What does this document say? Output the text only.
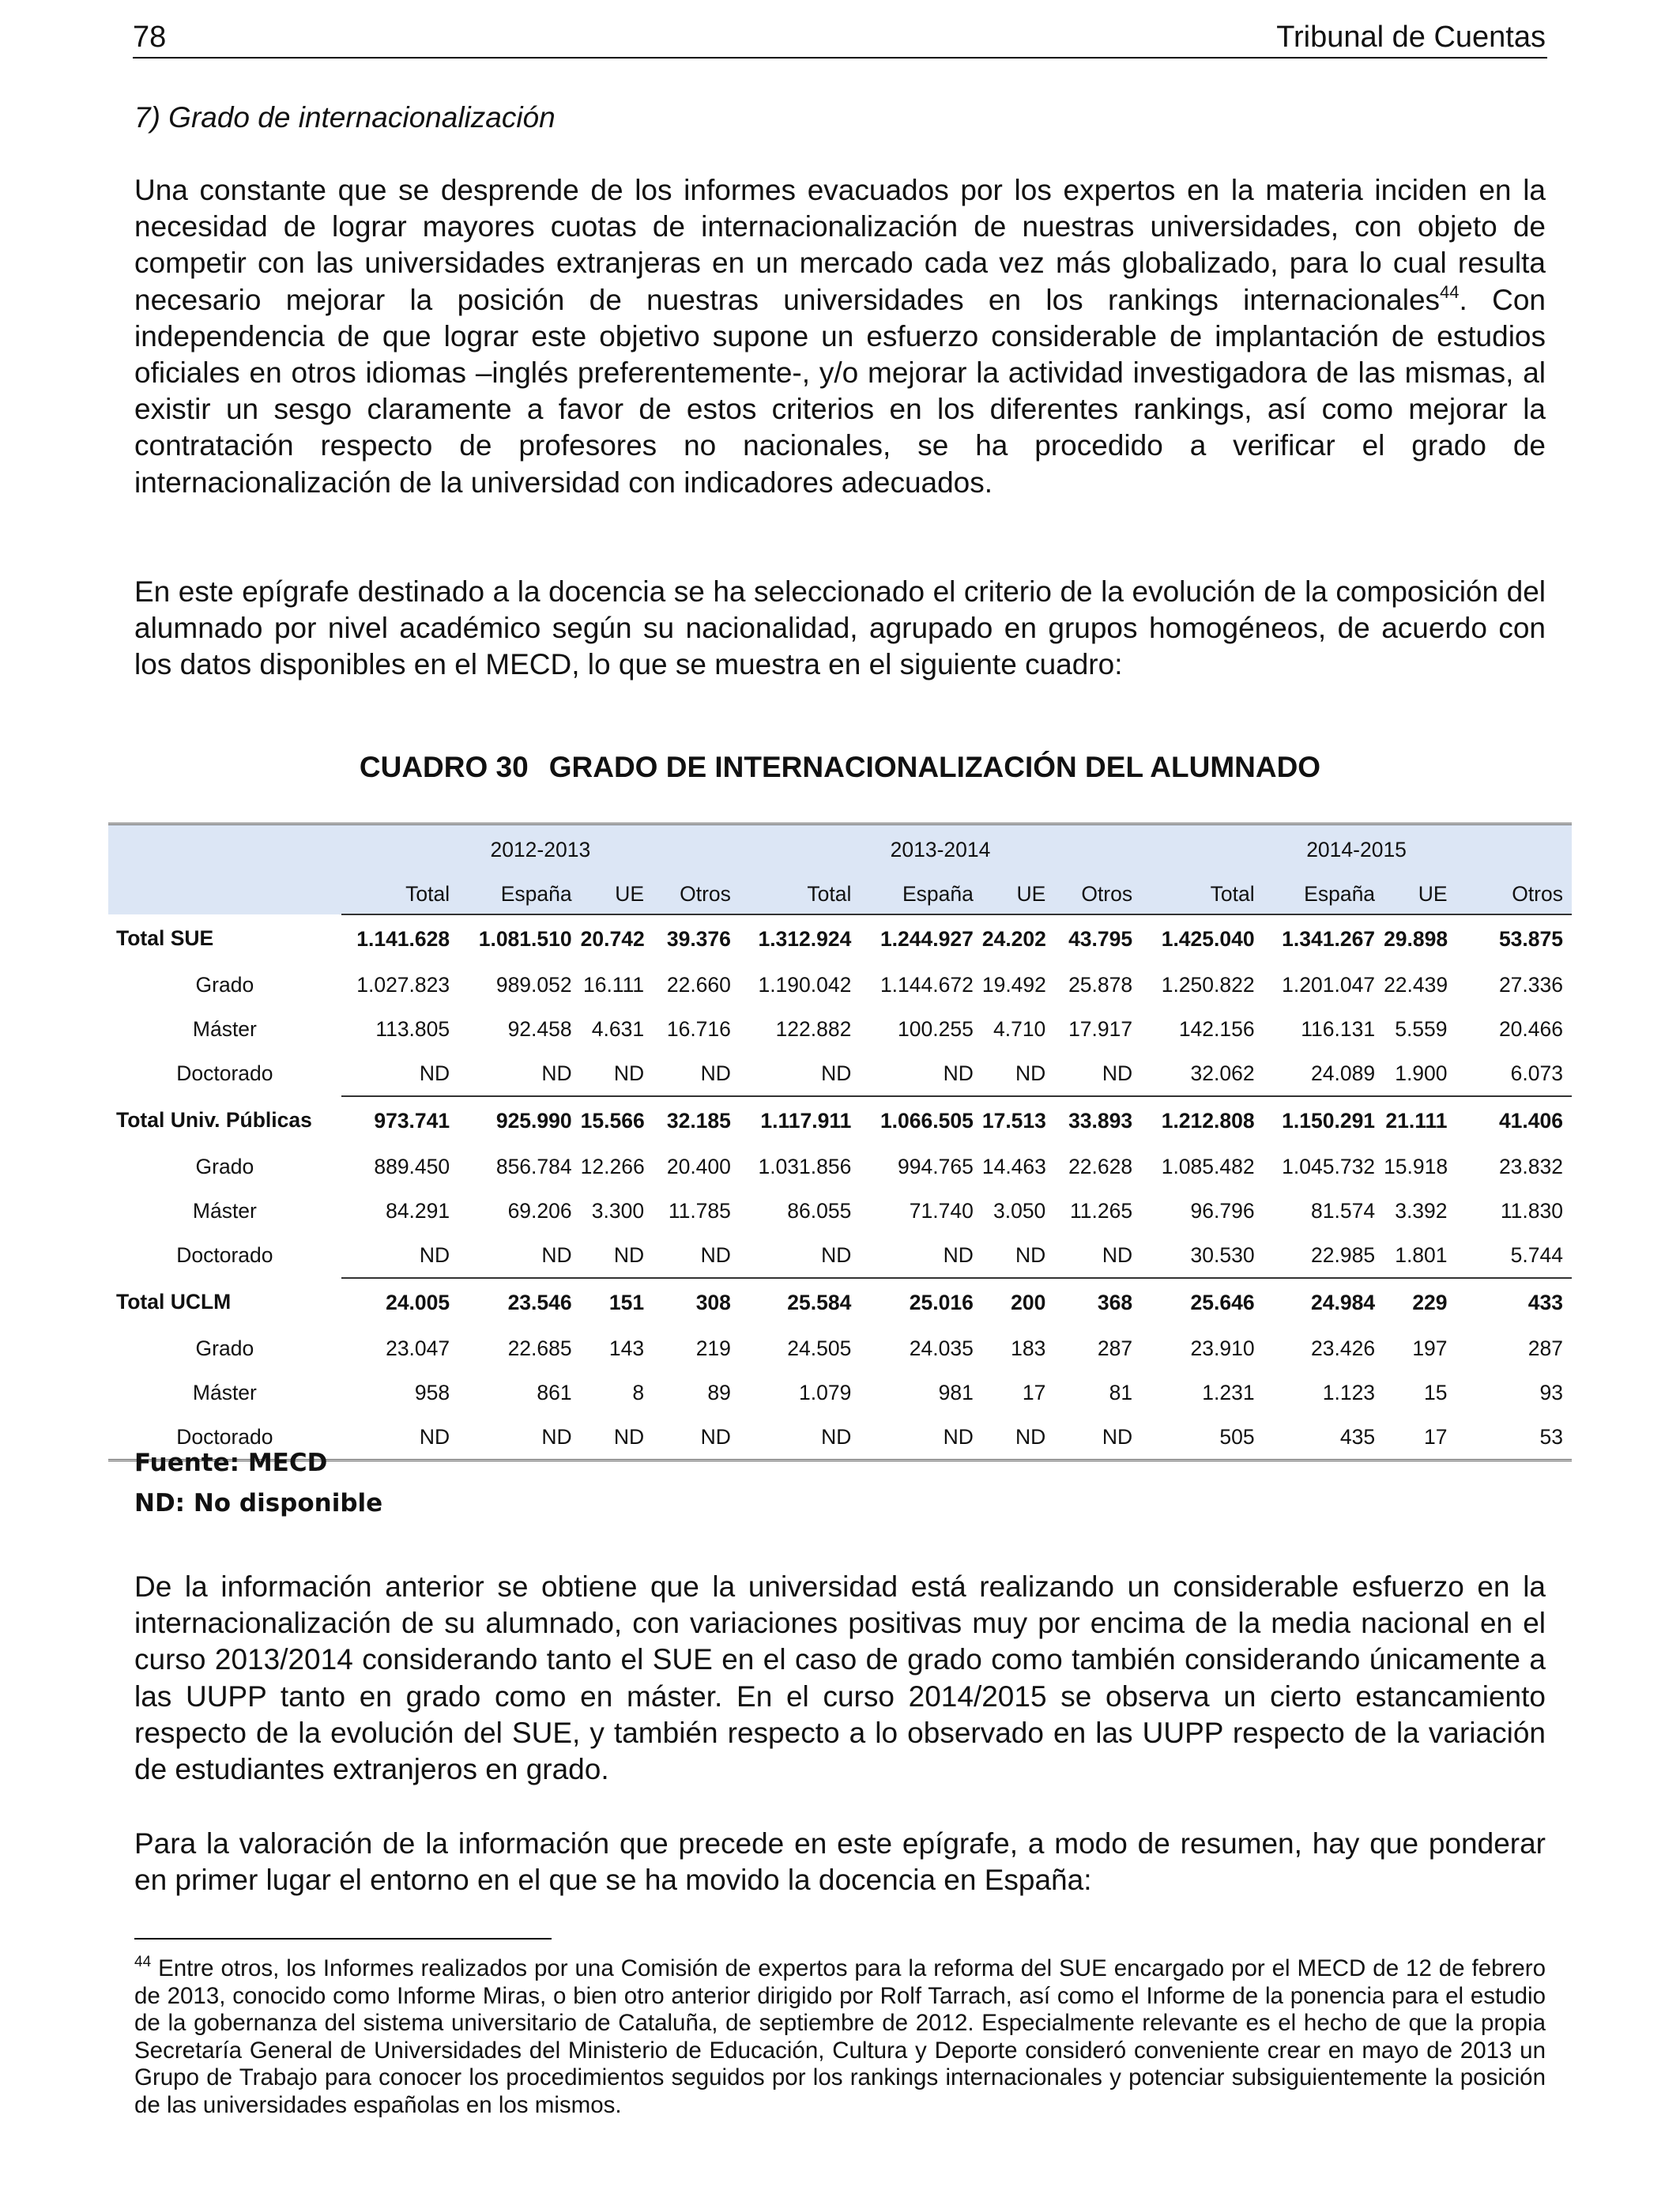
78	Tribunal de Cuentas
7) Grado de internacionalización

Una constante que se desprende de los informes evacuados por los expertos en la materia inciden en la necesidad de lograr mayores cuotas de internacionalización de nuestras universidades, con objeto de competir con las universidades extranjeras en un mercado cada vez más globalizado, para lo cual resulta necesario mejorar la posición de nuestras universidades en los rankings internacionales$^{44}$. Con independencia de que lograr este objetivo supone un esfuerzo considerable de implantación de estudios oficiales en otros idiomas –inglés preferentemente-, y/o mejorar la actividad investigadora de las mismas, al existir un sesgo claramente a favor de estos criterios en los diferentes rankings, así como mejorar la contratación respecto de profesores no nacionales, se ha procedido a verificar el grado de internacionalización de la universidad con indicadores adecuados.

En este epígrafe destinado a la docencia se ha seleccionado el criterio de la evolución de la composición del alumnado por nivel académico según su nacionalidad, agrupado en grupos homogéneos, de acuerdo con los datos disponibles en el MECD, lo que se muestra en el siguiente cuadro:

CUADRO 30 GRADO DE INTERNACIONALIZACIÓN DEL ALUMNADO
	2012-2013				2013-2014				2014-2015			
	Total	España	UE	Otros	Total	España	UE	Otros	Total	España	UE	Otros
Total SUE	1.141.628	1.081.510	20.742	39.376	1.312.924	1.244.927	24.202	43.795	1.425.040	1.341.267	29.898	53.875
Grado	1.027.823	989.052	16.111	22.660	1.190.042	1.144.672	19.492	25.878	1.250.822	1.201.047	22.439	27.336
Máster	113.805	92.458	4.631	16.716	122.882	100.255	4.710	17.917	142.156	116.131	5.559	20.466
Doctorado	ND	ND	ND	ND	ND	ND	ND	ND	32.062	24.089	1.900	6.073
Total Univ. Públicas	973.741	925.990	15.566	32.185	1.117.911	1.066.505	17.513	33.893	1.212.808	1.150.291	21.111	41.406
Grado	889.450	856.784	12.266	20.400	1.031.856	994.765	14.463	22.628	1.085.482	1.045.732	15.918	23.832
Máster	84.291	69.206	3.300	11.785	86.055	71.740	3.050	11.265	96.796	81.574	3.392	11.830
Doctorado	ND	ND	ND	ND	ND	ND	ND	ND	30.530	22.985	1.801	5.744
Total UCLM	24.005	23.546	151	308	25.584	25.016	200	368	25.646	24.984	229	433
Grado	23.047	22.685	143	219	24.505	24.035	183	287	23.910	23.426	197	287
Máster	958	861	8	89	1.079	981	17	81	1.231	1.123	15	93
Doctorado	ND	ND	ND	ND	ND	ND	ND	ND	505	435	17	53
Fuente: MECD
ND: No disponible

De la información anterior se obtiene que la universidad está realizando un considerable esfuerzo en la internacionalización de su alumnado, con variaciones positivas muy por encima de la media nacional en el curso 2013/2014 considerando tanto el SUE en el caso de grado como también considerando únicamente a las UUPP tanto en grado como en máster. En el curso 2014/2015 se observa un cierto estancamiento respecto de la evolución del SUE, y también respecto a lo observado en las UUPP respecto de la variación de estudiantes extranjeros en grado.

Para la valoración de la información que precede en este epígrafe, a modo de resumen, hay que ponderar en primer lugar el entorno en el que se ha movido la docencia en España:

$^{44}$ Entre otros, los Informes realizados por una Comisión de expertos para la reforma del SUE encargado por el MECD de 12 de febrero de 2013, conocido como Informe Miras, o bien otro anterior dirigido por Rolf Tarrach, así como el Informe de la ponencia para el estudio de la gobernanza del sistema universitario de Cataluña, de septiembre de 2012. Especialmente relevante es el hecho de que la propia Secretaría General de Universidades del Ministerio de Educación, Cultura y Deporte consideró conveniente crear en mayo de 2013 un Grupo de Trabajo para conocer los procedimientos seguidos por los rankings internacionales y potenciar subsiguientemente la posición de las universidades españolas en los mismos.
